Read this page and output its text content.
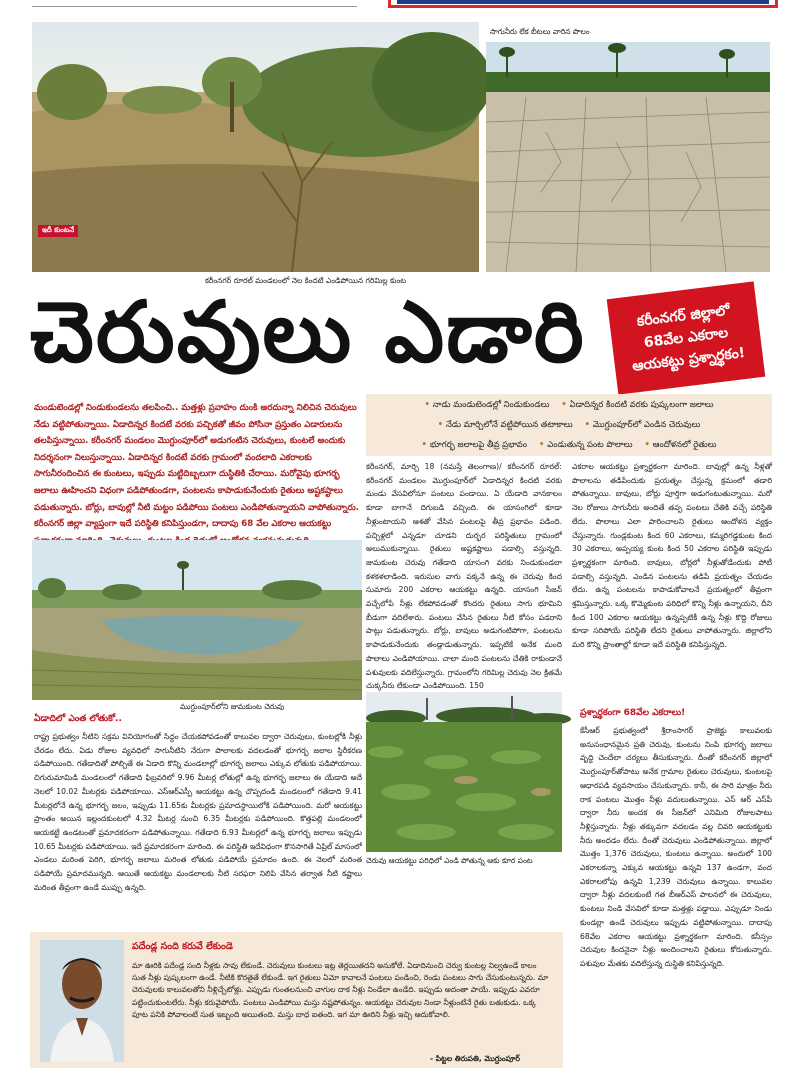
ఇదీ కుంటనే
కరీంనగర్ రూరల్ మండలంలో నెల కిందటే ఎండిపోయిన గరిమిల్ల కుంట
సాగునీరు లేక బీటలు వారిన పొలం
చెరువులు ఎడారి	కరీంనగర్ జిల్లాలో
68వేల ఎకరాల
ఆయకట్టు ప్రశ్నార్థకం!
మండుటెండల్లో నిండుకుండలను తలపించి.. మత్తళ్లు ప్రవాహం దుంకి అరదున్నా నిలిచిన చెరువులు నేడు వట్టిపోతున్నాయి. ఏడాదిన్నర కిందటే వరకు పచ్చికతో జీవం పోసినా ప్రస్తుతం ఎడారులను తలపిస్తున్నాయి. కరీంనగర్ మండలం మొగ్దుంపూర్‌లో అడుగంటిన చెరువులు, కుంటలే అందుకు నిదర్శనంగా నిలుస్తున్నాయి. ఏడాదిన్నర కిందటే వరకు గ్రామంలో వందలాది ఎకరాలకు సాగునీరందించిన ఈ కుంటలు, ఇప్పుడు మట్టిదిబ్బలుగా దుస్థితికి చేరాయి. మరోవైపు భూగర్భ జలాలు ఊహించని విధంగా పడిపోతుండగా, పంటలను కాపాడుకునేందుకు రైతులు అష్టకష్టాలు పడుతున్నారు. బోర్లు, బావుల్లో నీటి మట్టం పడిపోయి పంటలు ఎండిపోతున్నాయని వాపోతున్నారు. కరీంనగర్ జిల్లా వ్యాప్తంగా ఇదే పరిస్థితి కనిపిస్తుండగా, దాదాపు 68 వేల ఎకరాల ఆయకట్టు
• నాడు మండుటెండల్లో నిండుకుండలు	• ఏడాదిన్నర కిందటి వరకు పుష్కలంగా జలాలు
• నేడు మార్చిలోనే వట్టిపోయిన తటాకాలు	• మొగ్దుంపూర్‌లో ఎండిన చెరువులు
• భూగర్భ జలాలపై తీవ్ర ప్రభావం	• ఎండుతున్న పంట పొలాలు	• ఆందోళనలో రైతులు
ముగ్దుంపూర్‌లోని జుమకుంట చెరువు
ఏడాదిలో ఎంత లోతుకో..
రాష్ట్ర ప్రభుత్వం నీటిని సక్రమ వినియోగంతో సిద్ధం చేయకపోవడంతో కాలువల ద్వారా చెరువులు, కుంటల్లోకి నీళ్లు చేరడం లేదు. ఏడు రోజుల వ్యవధిలో సాగునీటిని నేరుగా పొలాలకు వదలడంతో భూగర్భ జలాల స్థిరీకరణ పడిపోయింది. గతేడాదితో పోల్చితే ఈ ఏడాది కొన్ని మండలాల్లో భూగర్భ జలాలు ఎక్కువ లోతుకు పడిపోయాయి. చిగురుమామిడి మండలంలో గతేడాది ఫిబ్రవరిలో 9.96 మీటర్ల లోతుల్లో ఉన్న భూగర్భ జలాలు ఈ యేడాది అదే నెలలో 10.02 మీటర్లకు పడిపోయాయి. ఎస్‌ఆర్‌ఎస్పీ ఆయకట్టు ఉన్న చొప్పదండి మండలంలో గతేడాది 9.41 మీటర్లలోనే ఉన్న భూగర్భ జలం, ఇప్పుడు 11.65కు మీటర్లకు ప్రమాదస్థాయిలోకి పడిపోయింది. మరో ఆయకట్టు ప్రాంతం అయిన ఇల్లందకుంటలో 4.32 మీటర్ల నుంచి 6.35 మీటర్లకు పడిపోయింది. కొత్తపల్లి మండలంలో ఆయకట్టే ఉండటంతో ప్రమాదకరంగా పడిపోతున్నాయి. గతేడాది 6.93 మీటర్లలో ఉన్న భూగర్భ జలాలు ఇప్పుడు 10.65 మీటర్లకు పడిపోయాయి. ఇదే ప్రమాదకరంగా మారింది. ఈ పరిస్థితి ఇదేవిధంగా కొనసాగితే ఏప్రిల్ మాసంలో ఎండలు మరింత పెరిగి, భూగర్భ జలాలు మరింత లోతుకు పడిపోయే ప్రమాదం ఉంది. ఈ నెలలో మరింత పడిపోయే ప్రమాదమున్నది. ఆయితే ఆయకట్టు మండలాలకు నీటి సరఫరా నిలిపి వేసిన తర్వాత నీటి కష్టాలు మరింత తీవ్రంగా ఉండే ముప్పు ఉన్నది.
కరీంనగర్, మార్చి 18 (నమస్తే తెలంగాణ)/ కరీంనగర్ రూరల్: కరీంనగర్ మండలం మొగ్దుంపూర్‌లో ఏడాదిన్నర కిందటి వరకు మండు వేసవిలోనూ పంటలు పండాయి. ఏ యేడాది వానకాలం కూడా బాగానే దిగుబడి వచ్చింది. ఈ యాసంగిలో కూడా నీళ్లుంటాయని ఆశతో వేసిన పంటలపై తీవ్ర ప్రభావం పడింది. పచ్చిళ్లలో ఎన్నడూ చూడని దుర్భర పరిస్థితులు గ్రామంలో అలుముకున్నాయి. రైతులు అష్టకష్టాలు పడాల్సి వస్తున్నది. జుమకుంట చెరువు గతేడాది యాసంగి వరకు నిండుకుండలా కళకళలాడింది. ఇరుసుల వాగు పక్కనే ఉన్న ఈ చెరువు కింద సుమారు 200 ఎకరాల ఆయకట్టు ఉన్నది. యాసంగి సీజన్ వచ్చేలోపే నీళ్లు లేకపోవడంతో కొందరు రైతులు సాగు భూమిని బీడుగా వదిలేశారు. పంటలు వేసిన రైతులు నీటి కోసం పడరాని పాట్లు పడుతున్నారు. బోర్లు, బావులు అడుగంటిపోగా, పంటలను కాపాడుకునేందుకు తండ్లాడుతున్నారు. ఇప్పటికే అనేక మంది పొలాలు ఎండిపోయాయి. చాలా మంది పంటలను చేతికి రాకుండానే పశువులకు వదిలేస్తున్నారు. గ్రామంలోని గరిమిల్ల చెరువు నెల క్రితమే చుక్కనీరు లేకుండా ఎండిపోయింది. 150
ఎకరాల ఆయకట్టు ప్రశ్నార్థకంగా మారింది. బావుల్లో ఉన్న నీళ్లతో పొలాలను తడిపేందుకు ప్రయత్నం చేస్తున్న క్రమంలో తడారి పోతున్నాయి. బావులు, బోర్లు పూర్తిగా అడుగంటుతున్నాయి. మరో నెల రోజులు సాగునీరు అందితే తప్ప పంటలు చేతికి వచ్చే పరిస్థితి లేదు. పొలాలు ఎలా పారించాలని రైతులు ఆందోళన వ్యక్తం చేస్తున్నారు. గుండ్లకుంట కింద 60 ఎకరాలు, కమ్మరిగడ్డకుంట కింద 30 ఎకరాలు, అప్పయ్య కుంట కింద 50 ఎకరాల పరిస్థితి ఇప్పుడు ప్రశ్నార్థకంగా మారింది. బావులు, బోర్లలో నీళ్లుతోడేందుకు పోటీ పడాల్సి వస్తున్నది. ఎండిన పంటలను తడిపే ప్రయత్నం చేయడం లేదు. ఉన్న పంటలను కాపాడుకోవాలనే ప్రయత్నంలో తీవ్రంగా శ్రమిస్తున్నారు. ఒక్క కొమ్మెకుంట పరిధిలో కొన్ని నీళ్లు ఉన్నాయని, దీని కింద 100 ఎకరాల ఆయకట్టు ఉన్నప్పటికీ ఉన్న నీళ్లు కొద్ది రోజులు కూడా సరిపోయే పరిస్థితి లేదని రైతులు వాపోతున్నారు. జిల్లాలోని మరి కొన్ని ప్రాంతాల్లో కూడా ఇదే పరిస్థితి కనిపిస్తున్నది.
చెరువు ఆయకట్టు పరిధిలో ఎండి పోతున్న ఆకు కూర పంట
ప్రశ్నార్థకంగా 68వేల ఎకరాలు!
కేసీఆర్ ప్రభుత్వంలో శ్రీరాంసాగర్ ప్రాజెక్టు కాలువలకు అనుసంధానమైన ప్రతి చెరువు, కుంటను నింపి భూగర్భ జలాలు వృద్ధి చెందేలా చర్యలు తీసుకున్నారు. దీంతో కరీంనగర్ జిల్లాలో మొగ్దుంపూర్‌తోపాటు అనేక గ్రామాల రైతులు చెరువులు, కుంటలపై ఆధారపడి వ్యవసాయం చేసుకున్నారు. కానీ, ఈ సారి మాత్రం నీరు రాక పంటలు మొత్తం నీళ్లు వదులుతున్నాయి. ఎస్ ఆర్ ఎస్‌పీ ద్వారా నీరు అందక ఈ సీజన్‌లో ఎనిమిది రోజులపాటు నీళ్లిస్తున్నారు. నీళ్లు తక్కువగా వదలడం వల్ల చివరి ఆయకట్టుకు నీరు అందడం లేదు. దీంతో చెరువులు ఎండిపోతున్నాయి. జిల్లాలో మొత్తం 1,376 చెరువులు, కుంటలు ఉన్నాయి. అందులో 100 ఎకరాలకన్నా ఎక్కువ ఆయకట్టు ఉన్నవి 137 ఉండగా, వంద ఎకరాలలోపు ఉన్నవి 1,239 చెరువులు ఉన్నాయి. కాలువల ద్వారా నీళ్లు వదలకుంటే గత బీఆర్‌ఎస్ పాలనలో ఈ చెరువులు, కుంటలు నిండి వేసవిలో కూడా మత్తళ్లు పడ్డాయి. ఎప్పుడూ నిండు కుండల్లా ఉండే చెరువులు ఇప్పుడు వట్టిపోతున్నాయి. దాదాపు 68వేల ఎకరాల ఆయకట్టు ప్రశ్నార్థకంగా మారింది. కనీస్సం చెరువుల కిందనైనా నీళ్లు అందించాలని రైతులు కోరుతున్నారు. పశువుల మేతకు వదిలేస్తున్న దుస్థితి కనిపిస్తున్నది.
పదేండ్ల సంది కరువే లేకుండె
మా ఊరికి పదేండ్ల సంది నీళ్లకు సావు లేకుండే. చెరువులు కుంటలు ఇట్ల తెర్లయితదని అనుకోలే. ఏడాదినుంచి చెర్వు కుంటల్ల నిల్వఉండే కాలం సుత నీళ్లు పుష్కలంగా ఉండే. నీటికి కొరతైతే లేకుండే. ఇగ రైతులు ఏమో కావాలనే పంటలు పండించి, రెండు పంటలు సాగు చేసుకుంటున్నరు. మా చెరువులకు కాలువలతోని నీళ్లిచ్చేటోళ్లు. ఎప్పుడు గుంతలనుంచి వాగుల దాక నీళ్లు నిండేలా ఉండేది. ఇప్పుడు అదంతా పాయే. ఇప్పుడు ఎవరూ పట్టించుకుంటలేరు. నీళ్లు కరువైపోయే. పంటలు ఎండిపోయి మస్తు నష్టపోతున్నం. ఆయకట్టు చెరువుల నిండా నీళ్లుంటేనే రైతు బతుకుడు. ఒక్క పూట పనికి పోవాలంటే సుత ఇబ్బంది అయితంది. మస్తు బాధ ఐతంది. ఇగ మా ఊరిని నీళ్లు ఇచ్చి ఆదుకోవాలి.
- పిట్టల తిరుపతి, మొగ్దుంపూర్
